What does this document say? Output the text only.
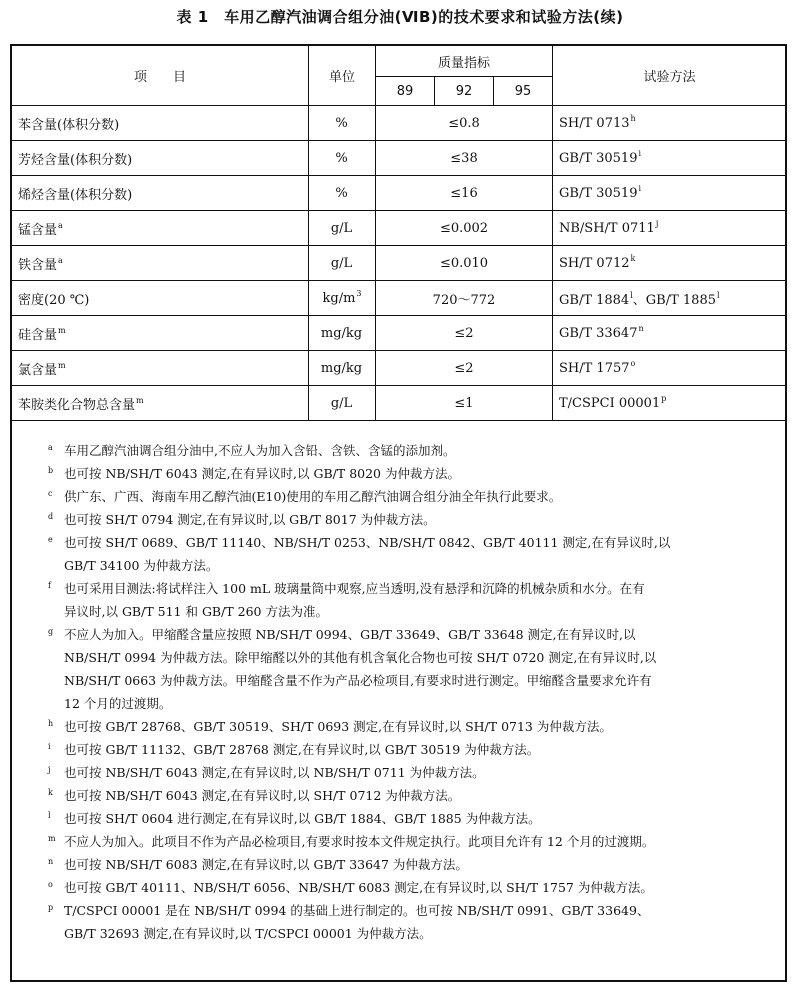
表 1　车用乙醇汽油调合组分油(ⅥB)的技术要求和试验方法(续)
项　　目	单位	质量指标			试验方法
		89	92	95	
苯含量(体积分数)	%	≤0.8			SH/T 0713$^h$
芳烃含量(体积分数)	%	≤38			GB/T 30519$^i$
烯烃含量(体积分数)	%	≤16			GB/T 30519$^i$
锰含量$^a$	g/L	≤0.002			NB/SH/T 0711$^j$
铁含量$^a$	g/L	≤0.010			SH/T 0712$^k$
密度(20 ℃)	$kg/m^3$	720～772			GB/T 1884$^l$、GB/T 1885$^l$
硅含量$^m$	mg/kg	≤2			GB/T 33647$^n$
氯含量$^m$	mg/kg	≤2			SH/T 1757$^o$
苯胺类化合物总含量$^m$	g/L	≤1			T/CSPCI 00001$^p$
a 车用乙醇汽油调合组分油中,不应人为加入含铅、含铁、含锰的添加剂。
b 也可按 NB/SH/T 6043 测定,在有异议时,以 GB/T 8020 为仲裁方法。
c 供广东、广西、海南车用乙醇汽油(E10)使用的车用乙醇汽油调合组分油全年执行此要求。
d 也可按 SH/T 0794 测定,在有异议时,以 GB/T 8017 为仲裁方法。
e 也可按 SH/T 0689、GB/T 11140、NB/SH/T 0253、NB/SH/T 0842、GB/T 40111 测定,在有异议时,以
GB/T 34100 为仲裁方法。
f 也可采用目测法:将试样注入 100 mL 玻璃量筒中观察,应当透明,没有悬浮和沉降的机械杂质和水分。在有
异议时,以 GB/T 511 和 GB/T 260 方法为准。
g 不应人为加入。甲缩醛含量应按照 NB/SH/T 0994、GB/T 33649、GB/T 33648 测定,在有异议时,以
NB/SH/T 0994 为仲裁方法。除甲缩醛以外的其他有机含氧化合物也可按 SH/T 0720 测定,在有异议时,以
NB/SH/T 0663 为仲裁方法。甲缩醛含量不作为产品必检项目,有要求时进行测定。甲缩醛含量要求允许有
12 个月的过渡期。
h 也可按 GB/T 28768、GB/T 30519、SH/T 0693 测定,在有异议时,以 SH/T 0713 为仲裁方法。
i 也可按 GB/T 11132、GB/T 28768 测定,在有异议时,以 GB/T 30519 为仲裁方法。
j 也可按 NB/SH/T 6043 测定,在有异议时,以 NB/SH/T 0711 为仲裁方法。
k 也可按 NB/SH/T 6043 测定,在有异议时,以 SH/T 0712 为仲裁方法。
l 也可按 SH/T 0604 进行测定,在有异议时,以 GB/T 1884、GB/T 1885 为仲裁方法。
m 不应人为加入。此项目不作为产品必检项目,有要求时按本文件规定执行。此项目允许有 12 个月的过渡期。
n 也可按 NB/SH/T 6083 测定,在有异议时,以 GB/T 33647 为仲裁方法。
o 也可按 GB/T 40111、NB/SH/T 6056、NB/SH/T 6083 测定,在有异议时,以 SH/T 1757 为仲裁方法。
p T/CSPCI 00001 是在 NB/SH/T 0994 的基础上进行制定的。也可按 NB/SH/T 0991、GB/T 33649、
GB/T 32693 测定,在有异议时,以 T/CSPCI 00001 为仲裁方法。
